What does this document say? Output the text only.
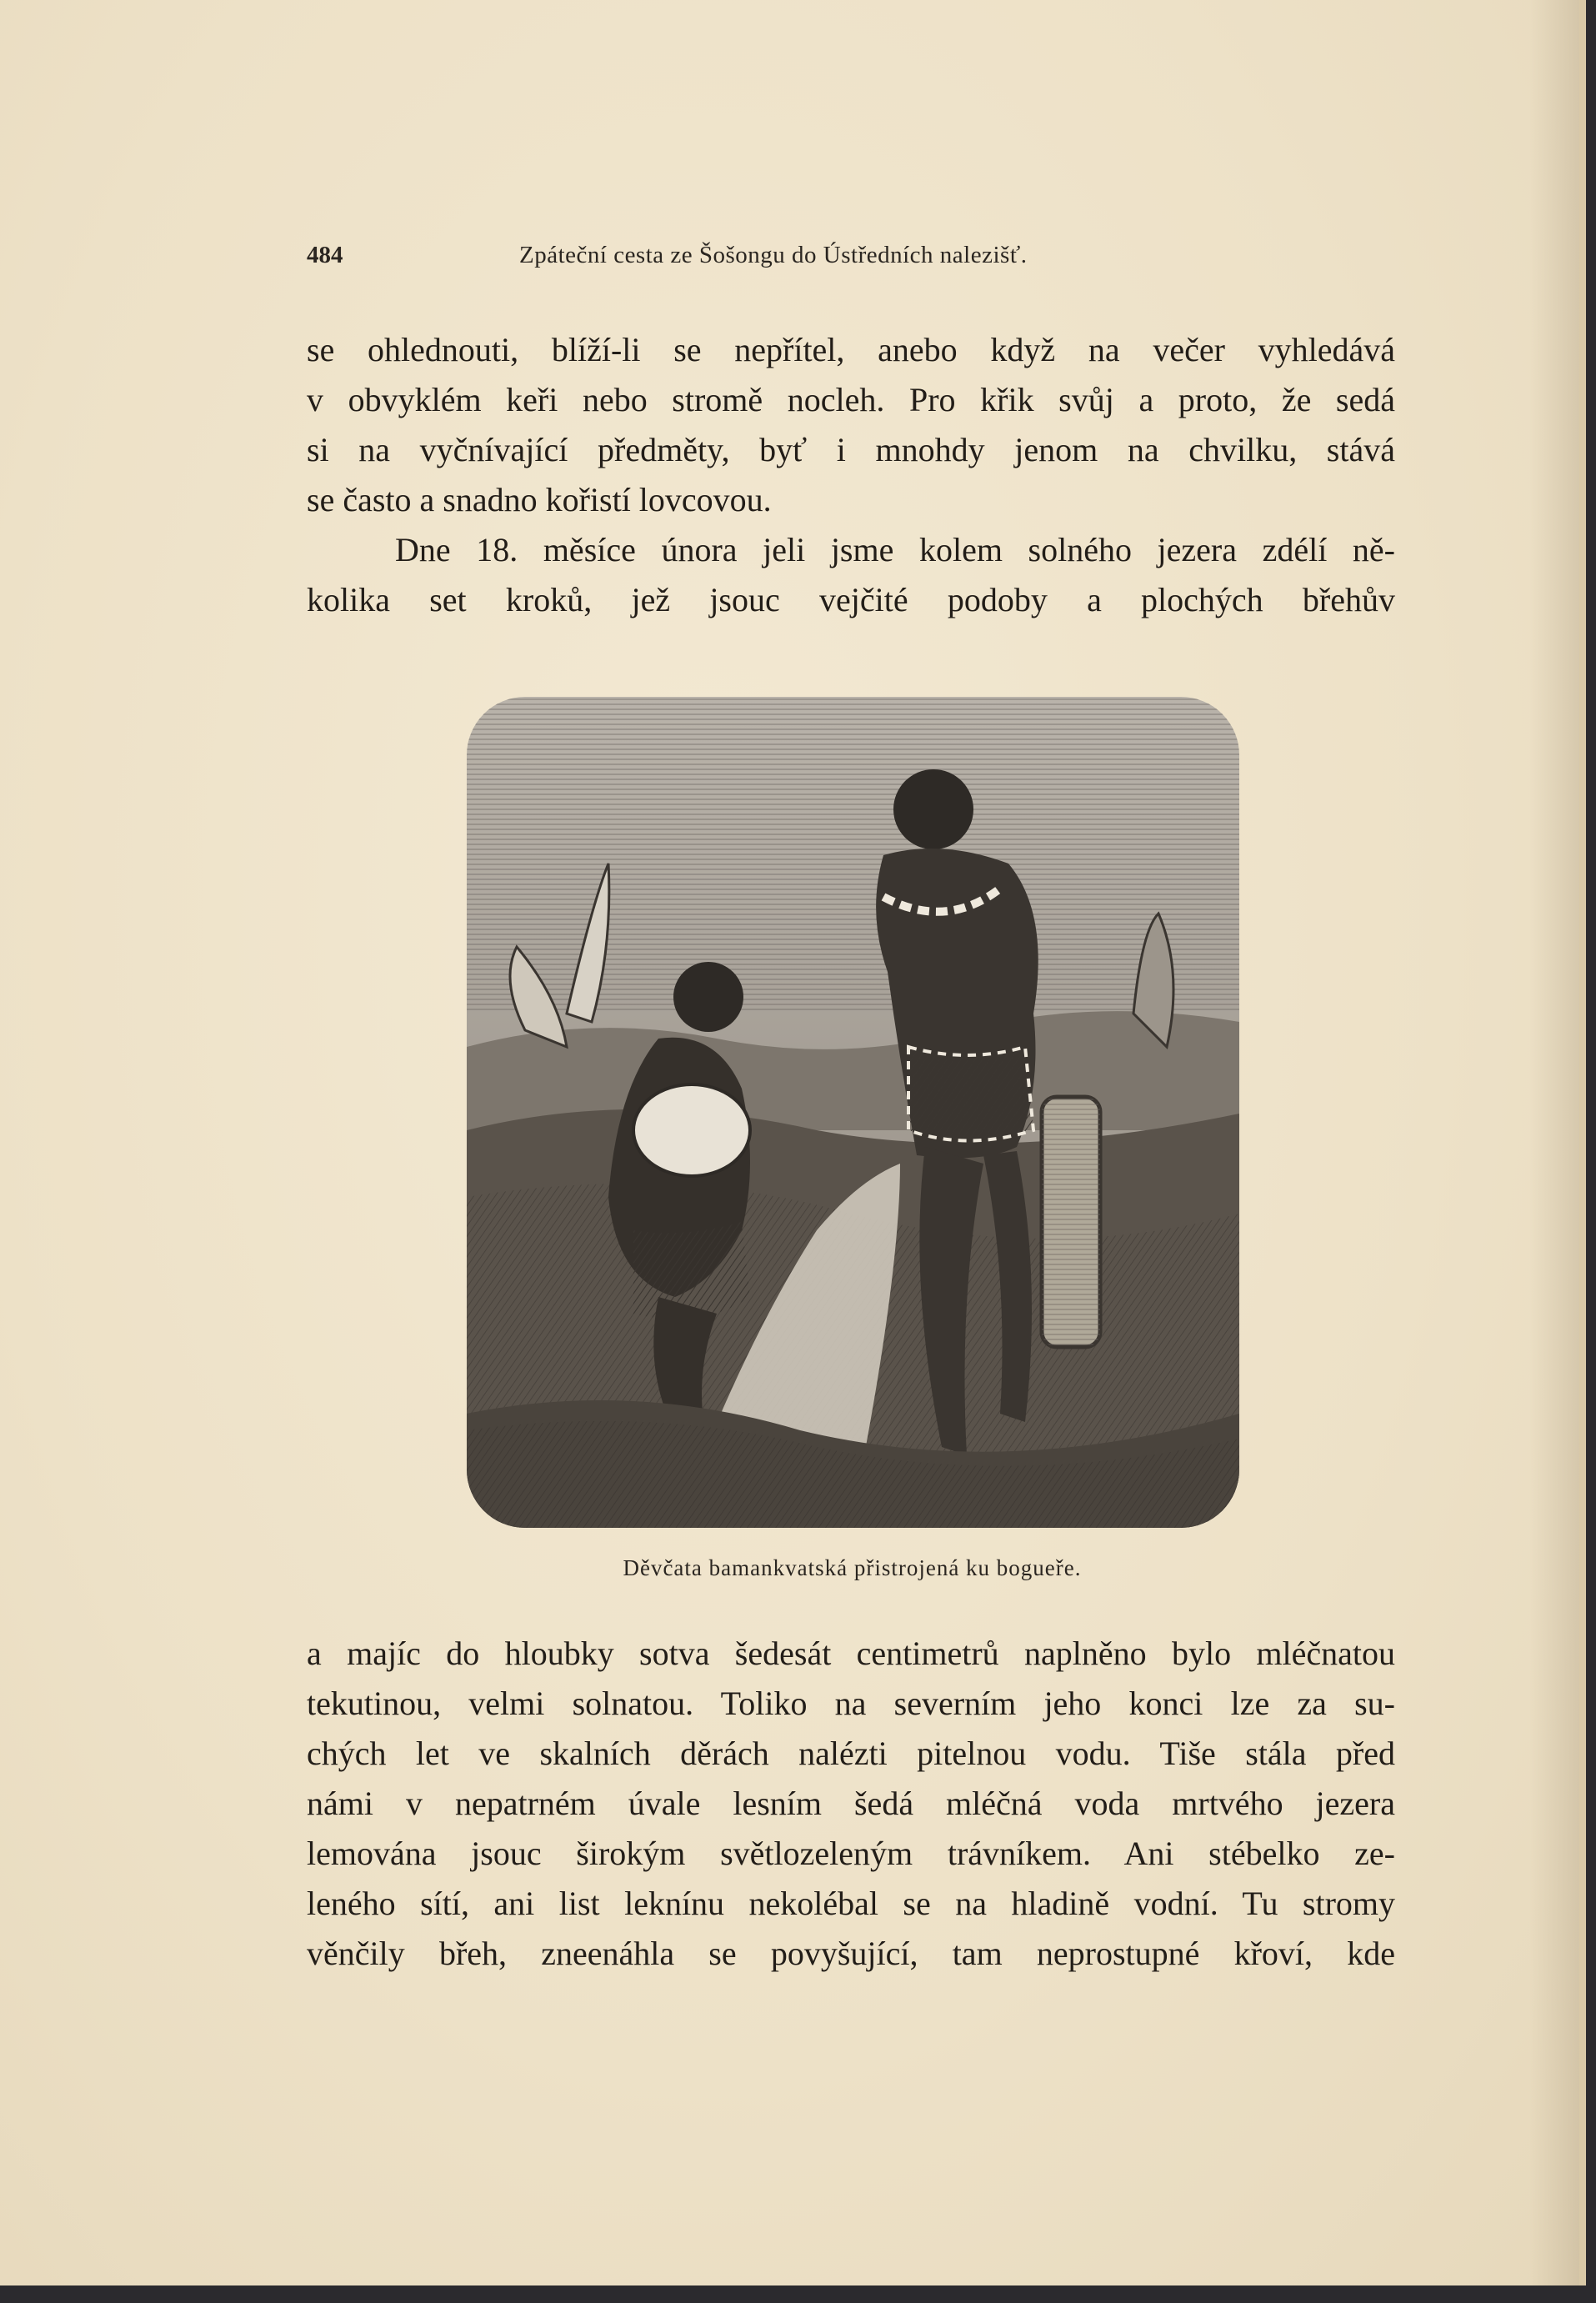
484	Zpáteční cesta ze Šošongu do Ústředních nalezišť.
se ohlednouti, blíží-li se nepřítel, anebo když na večer vyhledává
v obvyklém keři nebo stromě nocleh. Pro křik svůj a proto, že sedá
si na vyčnívající předměty, byť i mnohdy jenom na chvilku, stává
se často a snadno kořistí lovcovou.
Dne 18. měsíce února jeli jsme kolem solného jezera zdélí ně-
kolika set kroků, jež jsouc vejčité podoby a plochých břehův
Děvčata bamankvatská přistrojená ku bogueře.
a majíc do hloubky sotva šedesát centimetrů naplněno bylo mléčnatou
tekutinou, velmi solnatou. Toliko na severním jeho konci lze za su-
chých let ve skalních děrách nalézti pitelnou vodu. Tiše stála před
námi v nepatrném úvale lesním šedá mléčná voda mrtvého jezera
lemována jsouc širokým světlozeleným trávníkem. Ani stébelko ze-
leného sítí, ani list leknínu nekolébal se na hladině vodní. Tu stromy
věnčily břeh, zneenáhla se povyšující, tam neprostupné křoví, kde
